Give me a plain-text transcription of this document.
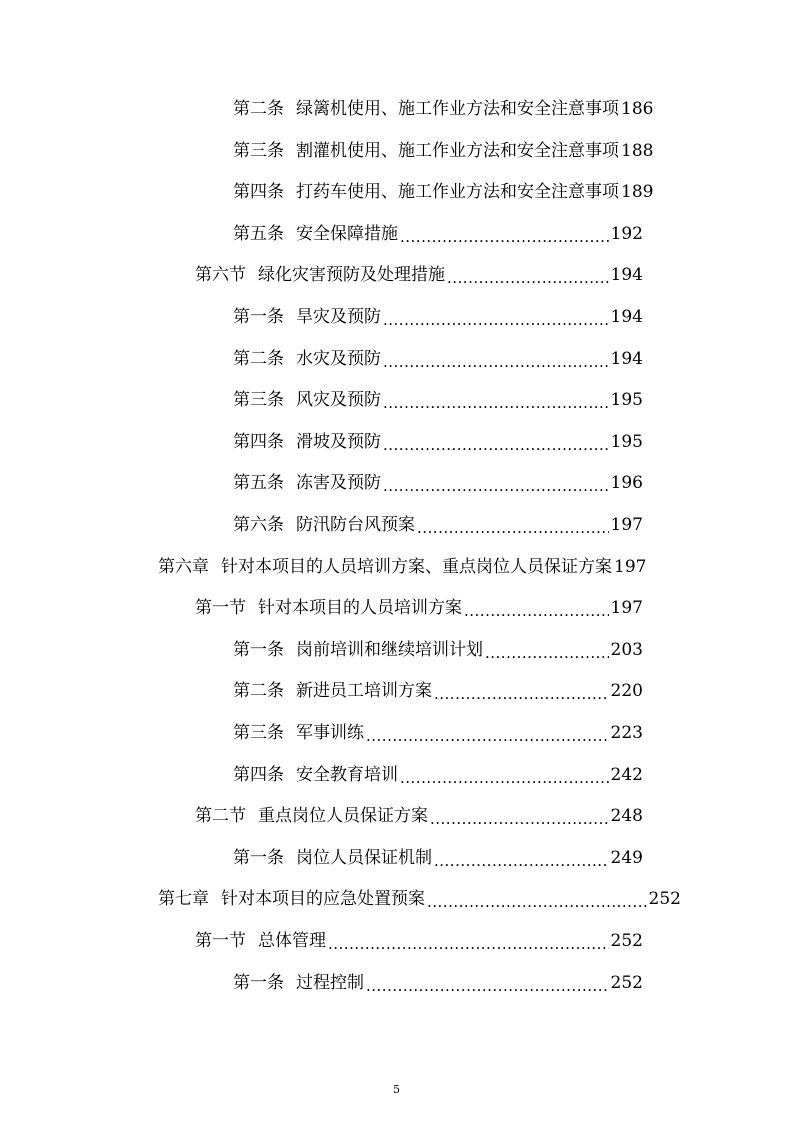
第二条 绿篱机使用、施工作业方法和安全注意事项 186
第三条 割灌机使用、施工作业方法和安全注意事项 188
第四条 打药车使用、施工作业方法和安全注意事项 189
第五条 安全保障措施 .....	192
第六节 绿化灾害预防及处理措施 .....	194
第一条 旱灾及预防 .....	194
第二条 水灾及预防 .....	194
第三条 风灾及预防 .....	195
第四条 滑坡及预防 .....	195
第五条 冻害及预防 .....	196
第六条 防汛防台风预案 .....	197
第六章 针对本项目的人员培训方案、重点岗位人员保证方案 197
第一节 针对本项目的人员培训方案 .....	197
第一条 岗前培训和继续培训计划 .....	203
第二条 新进员工培训方案 .....	220
第三条 军事训练 .....	223
第四条 安全教育培训 .....	242
第二节 重点岗位人员保证方案 .....	248
第一条 岗位人员保证机制 .....	249
第七章 针对本项目的应急处置预案 .....	252
第一节 总体管理 .....	252
第一条 过程控制 .....	252
5
